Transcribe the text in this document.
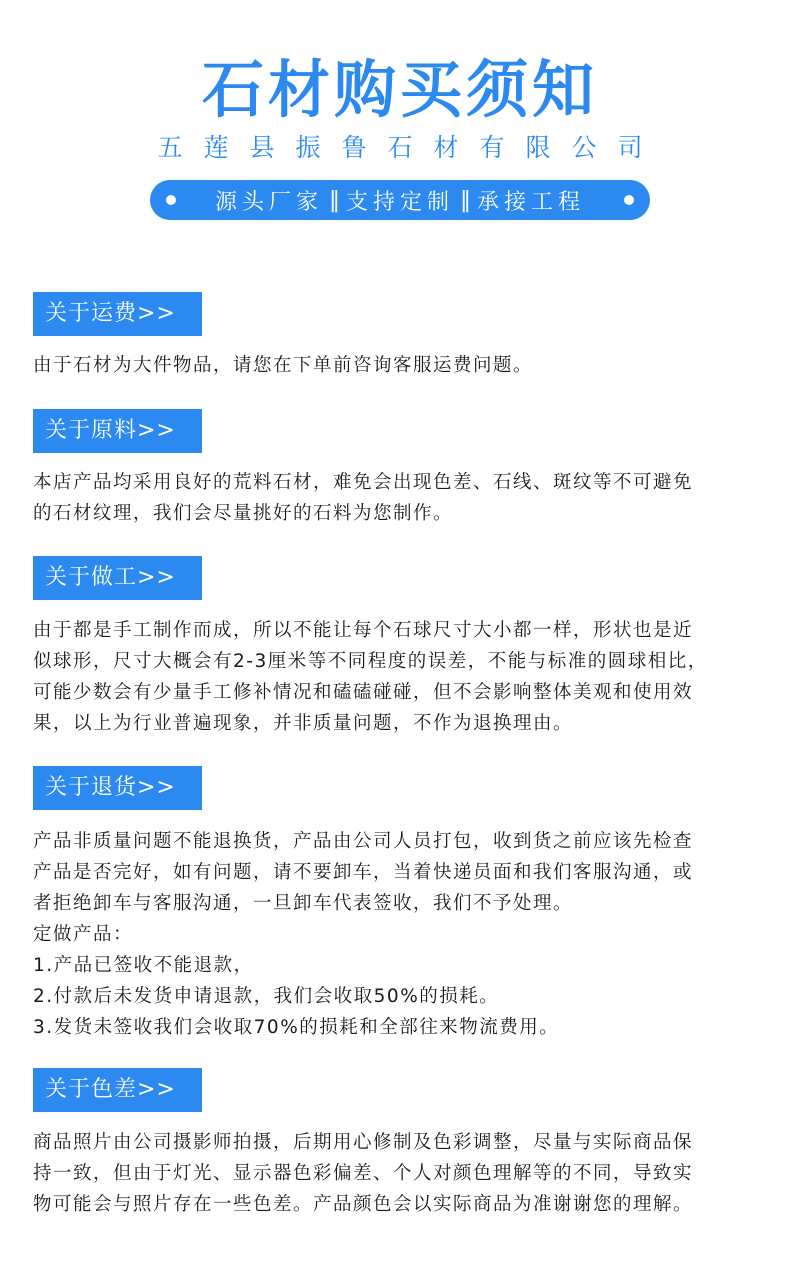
石材购买须知
五莲县振鲁石材有限公司
源头厂家 ‖ 支持定制 ‖ 承接工程
关于运费>>
由于石材为大件物品，请您在下单前咨询客服运费问题。
关于原料>>
本店产品均采用良好的荒料石材，难免会出现色差、石线、斑纹等不可避免
的石材纹理，我们会尽量挑好的石料为您制作。
关于做工>>
由于都是手工制作而成，所以不能让每个石球尺寸大小都一样，形状也是近
似球形，尺寸大概会有2-3厘米等不同程度的误差，不能与标准的圆球相比，
可能少数会有少量手工修补情况和磕磕碰碰，但不会影响整体美观和使用效
果，以上为行业普遍现象，并非质量问题，不作为退换理由。
关于退货>>
产品非质量问题不能退换货，产品由公司人员打包，收到货之前应该先检查
产品是否完好，如有问题，请不要卸车，当着快递员面和我们客服沟通，或
者拒绝卸车与客服沟通，一旦卸车代表签收，我们不予处理。
定做产品：
1.产品已签收不能退款，
2.付款后未发货申请退款，我们会收取50%的损耗。
3.发货未签收我们会收取70%的损耗和全部往来物流费用。
关于色差>>
商品照片由公司摄影师拍摄，后期用心修制及色彩调整，尽量与实际商品保
持一致，但由于灯光、显示器色彩偏差、个人对颜色理解等的不同，导致实
物可能会与照片存在一些色差。产品颜色会以实际商品为准谢谢您的理解。
